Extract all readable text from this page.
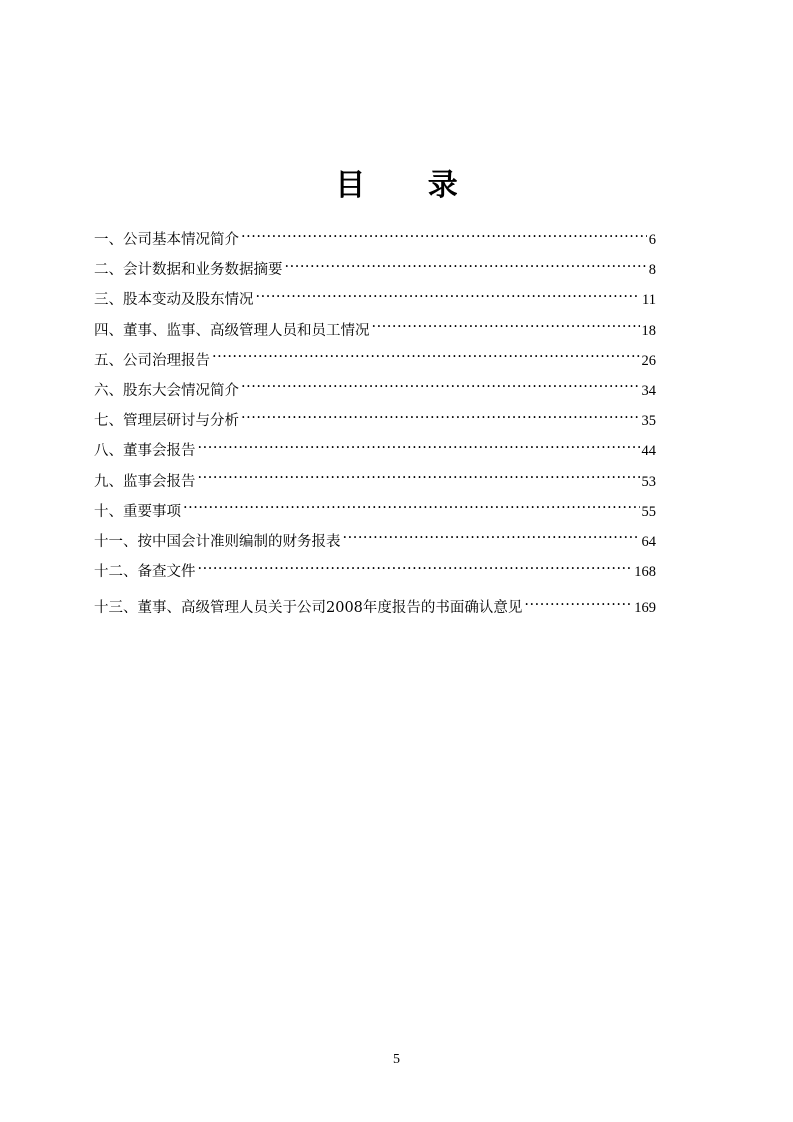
目 录
一、公司基本情况简介 ·····	6
二、会计数据和业务数据摘要 ·····	8
三、股本变动及股东情况 ·····	11
四、董事、监事、高级管理人员和员工情况 ·····	18
五、公司治理报告 ·····	26
六、股东大会情况简介 ·····	34
七、管理层研讨与分析 ·····	35
八、董事会报告 ·····	44
九、监事会报告 ·····	53
十、重要事项 ·····	55
十一、按中国会计准则编制的财务报表 ·····	64
十二、备查文件 ·····	168
十三、董事、高级管理人员关于公司2008年度报告的书面确认意见 ·····	169
5
